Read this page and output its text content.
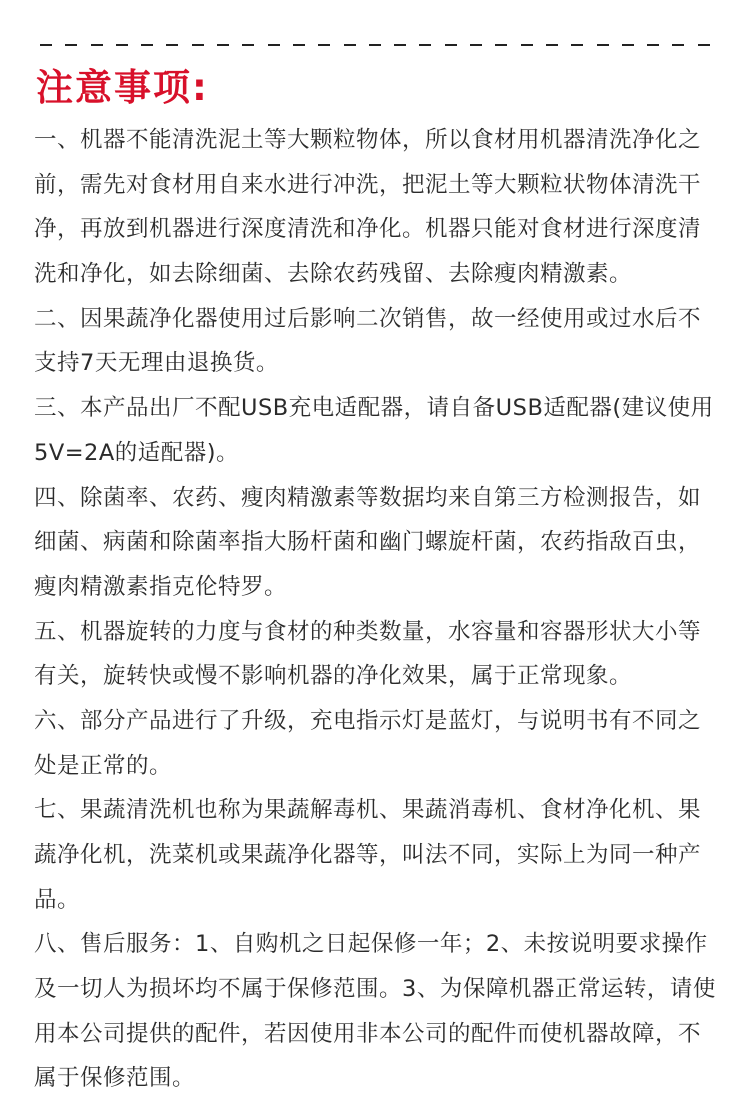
注意事项:
一、机器不能清洗泥土等大颗粒物体，所以食材用机器清洗净化之
前，需先对食材用自来水进行冲洗，把泥土等大颗粒状物体清洗干
净，再放到机器进行深度清洗和净化。机器只能对食材进行深度清
洗和净化，如去除细菌、去除农药残留、去除瘦肉精激素。
二、因果蔬净化器使用过后影响二次销售，故一经使用或过水后不
支持7天无理由退换货。
三、本产品出厂不配USB充电适配器，请自备USB适配器(建议使用
5V=2A的适配器)。
四、除菌率、农药、瘦肉精激素等数据均来自第三方检测报告，如
细菌、病菌和除菌率指大肠杆菌和幽门螺旋杆菌，农药指敌百虫，
瘦肉精激素指克伦特罗。
五、机器旋转的力度与食材的种类数量，水容量和容器形状大小等
有关，旋转快或慢不影响机器的净化效果，属于正常现象。
六、部分产品进行了升级，充电指示灯是蓝灯，与说明书有不同之
处是正常的。
七、果蔬清洗机也称为果蔬解毒机、果蔬消毒机、食材净化机、果
蔬净化机，洗菜机或果蔬净化器等，叫法不同，实际上为同一种产
品。
八、售后服务：1、自购机之日起保修一年；2、未按说明要求操作
及一切人为损坏均不属于保修范围。3、为保障机器正常运转，请使
用本公司提供的配件，若因使用非本公司的配件而使机器故障，不
属于保修范围。
